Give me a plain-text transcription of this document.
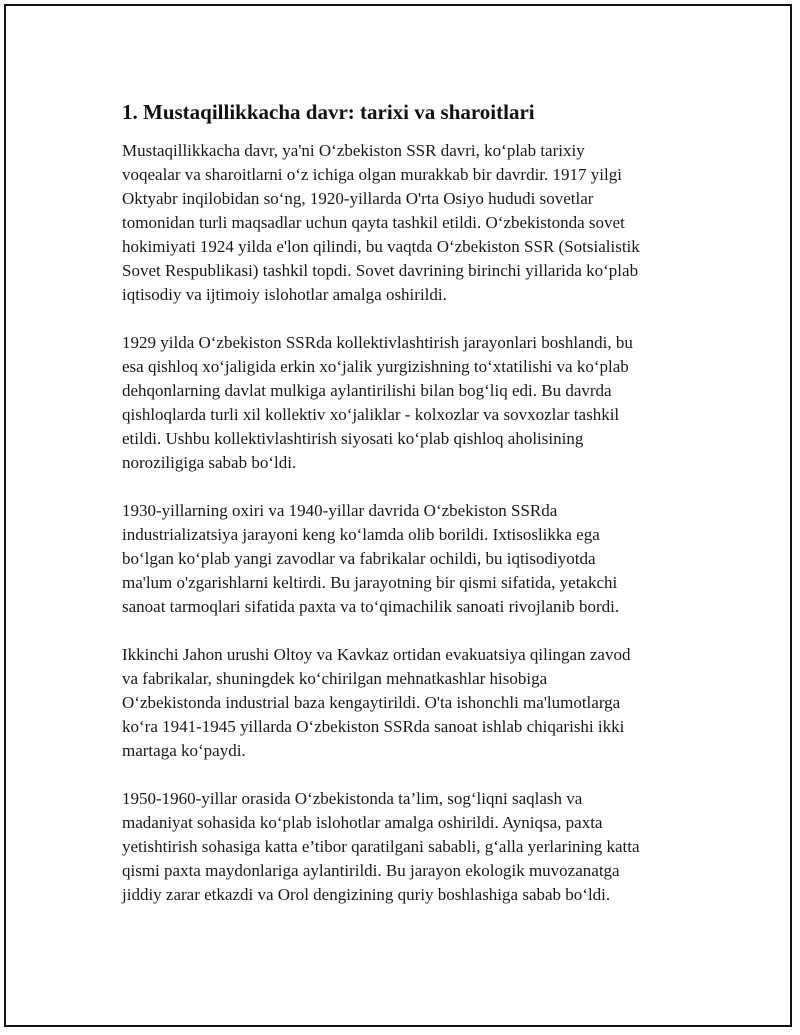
1. Mustaqillikkacha davr: tarixi va sharoitlari

Mustaqillikkacha davr, ya'ni O‘zbekiston SSR davri, ko‘plab tarixiy
voqealar va sharoitlarni o‘z ichiga olgan murakkab bir davrdir. 1917 yilgi
Oktyabr inqilobidan so‘ng, 1920-yillarda O'rta Osiyo hududi sovetlar
tomonidan turli maqsadlar uchun qayta tashkil etildi. O‘zbekistonda sovet
hokimiyati 1924 yilda e'lon qilindi, bu vaqtda O‘zbekiston SSR (Sotsialistik
Sovet Respublikasi) tashkil topdi. Sovet davrining birinchi yillarida ko‘plab
iqtisodiy va ijtimoiy islohotlar amalga oshirildi.

1929 yilda O‘zbekiston SSRda kollektivlashtirish jarayonlari boshlandi, bu
esa qishloq xo‘jaligida erkin xo‘jalik yurgizishning to‘xtatilishi va ko‘plab
dehqonlarning davlat mulkiga aylantirilishi bilan bog‘liq edi. Bu davrda
qishloqlarda turli xil kollektiv xo‘jaliklar - kolxozlar va sovxozlar tashkil
etildi. Ushbu kollektivlashtirish siyosati ko‘plab qishloq aholisining
noroziligiga sabab bo‘ldi.

1930-yillarning oxiri va 1940-yillar davrida O‘zbekiston SSRda
industrializatsiya jarayoni keng ko‘lamda olib borildi. Ixtisoslikka ega
bo‘lgan ko‘plab yangi zavodlar va fabrikalar ochildi, bu iqtisodiyotda
ma'lum o'zgarishlarni keltirdi. Bu jarayotning bir qismi sifatida, yetakchi
sanoat tarmoqlari sifatida paxta va to‘qimachilik sanoati rivojlanib bordi.

Ikkinchi Jahon urushi Oltoy va Kavkaz ortidan evakuatsiya qilingan zavod
va fabrikalar, shuningdek ko‘chirilgan mehnatkashlar hisobiga
O‘zbekistonda industrial baza kengaytirildi. O'ta ishonchli ma'lumotlarga
ko‘ra 1941-1945 yillarda O‘zbekiston SSRda sanoat ishlab chiqarishi ikki
martaga ko‘paydi.

1950-1960-yillar orasida O‘zbekistonda ta’lim, sog‘liqni saqlash va
madaniyat sohasida ko‘plab islohotlar amalga oshirildi. Ayniqsa, paxta
yetishtirish sohasiga katta e’tibor qaratilgani sababli, g‘alla yerlarining katta
qismi paxta maydonlariga aylantirildi. Bu jarayon ekologik muvozanatga
jiddiy zarar etkazdi va Orol dengizining quriy boshlashiga sabab bo‘ldi.
